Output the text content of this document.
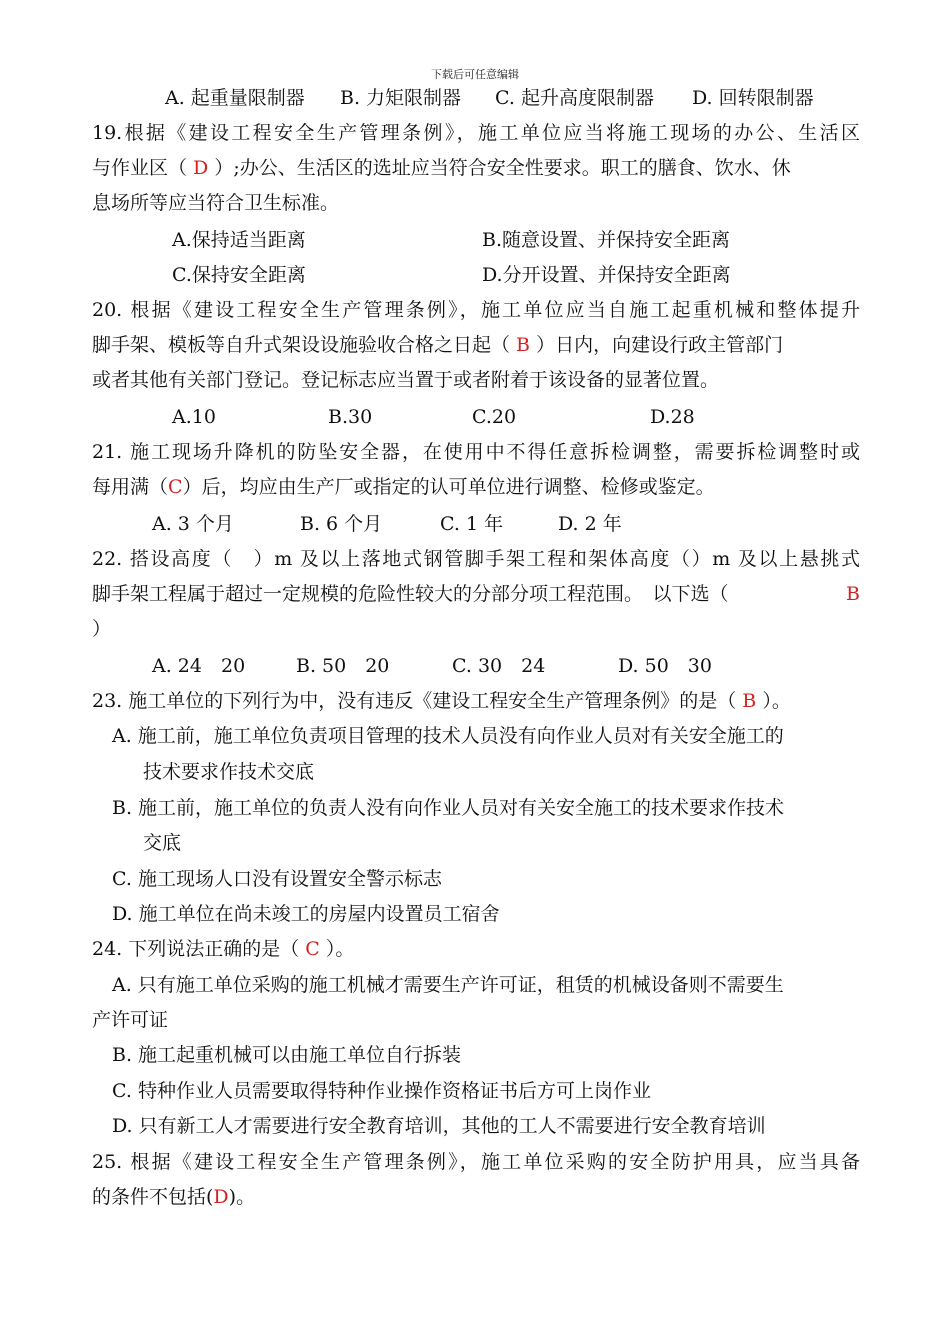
下载后可任意编辑
A. 起重量限制器 B. 力矩限制器 C. 起升高度限制器 D. 回转限制器
19.根据《建设工程安全生产管理条例》，施工单位应当将施工现场的办公、生活区
与作业区（ D ）;办公、生活区的选址应当符合安全性要求。职工的膳食、饮水、休
息场所等应当符合卫生标准。
A.保持适当距离	B.随意设置、并保持安全距离
C.保持安全距离	D.分开设置、并保持安全距离
20. 根据《建设工程安全生产管理条例》，施工单位应当自施工起重机械和整体提升
脚手架、模板等自升式架设设施验收合格之日起（ B ）日内，向建设行政主管部门
或者其他有关部门登记。登记标志应当置于或者附着于该设备的显著位置。
A.10	B.30	C.20	D.28
21. 施工现场升降机的防坠安全器，在使用中不得任意拆检调整，需要拆检调整时或
每用满（C）后，均应由生产厂或指定的认可单位进行调整、检修或鉴定。
A. 3 个月	B. 6 个月	C. 1 年	D. 2 年
22. 搭设高度（　）m 及以上落地式钢管脚手架工程和架体高度（）m 及以上悬挑式
脚手架工程属于超过一定规模的危险性较大的分部分项工程范围。　以下选（	B
）
A. 24　20	B. 50　20	C. 30　24	D. 50　30
23. 施工单位的下列行为中，没有违反《建设工程安全生产管理条例》的是（ B ）。
A. 施工前，施工单位负责项目管理的技术人员没有向作业人员对有关安全施工的
技术要求作技术交底
B. 施工前，施工单位的负责人没有向作业人员对有关安全施工的技术要求作技术
交底
C. 施工现场人口没有设置安全警示标志
D. 施工单位在尚未竣工的房屋内设置员工宿舍
24. 下列说法正确的是（ C ）。
A. 只有施工单位采购的施工机械才需要生产许可证，租赁的机械设备则不需要生
产许可证
B. 施工起重机械可以由施工单位自行拆装
C. 特种作业人员需要取得特种作业操作资格证书后方可上岗作业
D. 只有新工人才需要进行安全教育培训，其他的工人不需要进行安全教育培训
25. 根据《建设工程安全生产管理条例》，施工单位采购的安全防护用具，应当具备
的条件不包括(D)。
